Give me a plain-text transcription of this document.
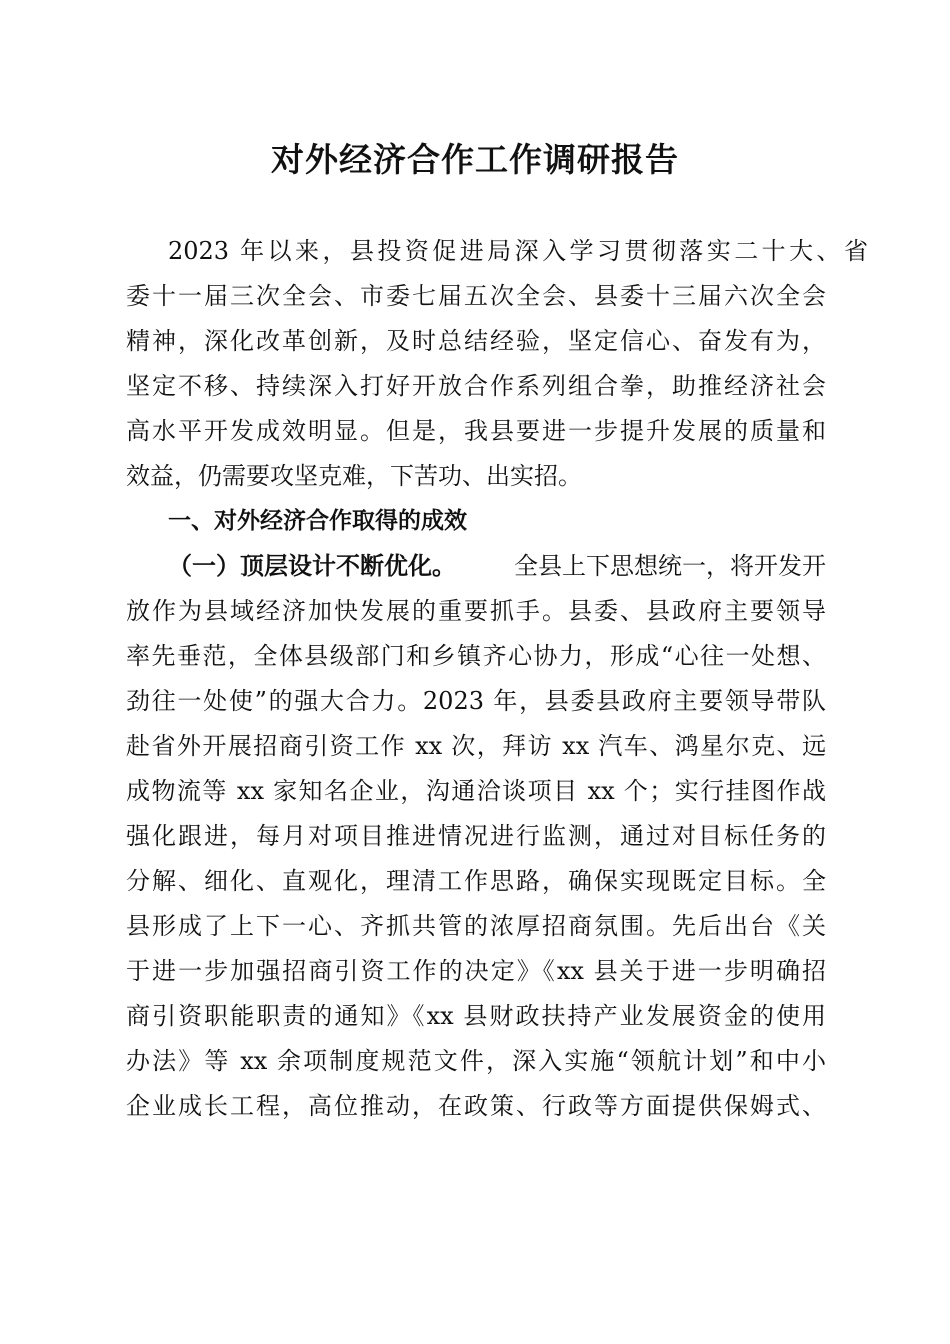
对外经济合作工作调研报告

2023 年以来，县投资促进局深入学习贯彻落实二十大、省

委十一届三次全会、市委七届五次全会、县委十三届六次全会

精神，深化改革创新，及时总结经验，坚定信心、奋发有为，

坚定不移、持续深入打好开放合作系列组合拳，助推经济社会

高水平开发成效明显。但是，我县要进一步提升发展的质量和

效益，仍需要攻坚克难，下苦功、出实招。

一、对外经济合作取得的成效

（一）顶层设计不断优化。 全县上下思想统一，将开发开

放作为县域经济加快发展的重要抓手。县委、县政府主要领导

率先垂范，全体县级部门和乡镇齐心协力，形成“心往一处想、

劲往一处使”的强大合力。2023 年，县委县政府主要领导带队

赴省外开展招商引资工作 xx 次，拜访 xx 汽车、鸿星尔克、远

成物流等 xx 家知名企业，沟通洽谈项目 xx 个；实行挂图作战

强化跟进，每月对项目推进情况进行监测，通过对目标任务的

分解、细化、直观化，理清工作思路，确保实现既定目标。全

县形成了上下一心、齐抓共管的浓厚招商氛围。先后出台《关

于进一步加强招商引资工作的决定》《xx 县关于进一步明确招

商引资职能职责的通知》《xx 县财政扶持产业发展资金的使用

办法》等 xx 余项制度规范文件，深入实施“领航计划”和中小

企业成长工程，高位推动，在政策、行政等方面提供保姆式、
